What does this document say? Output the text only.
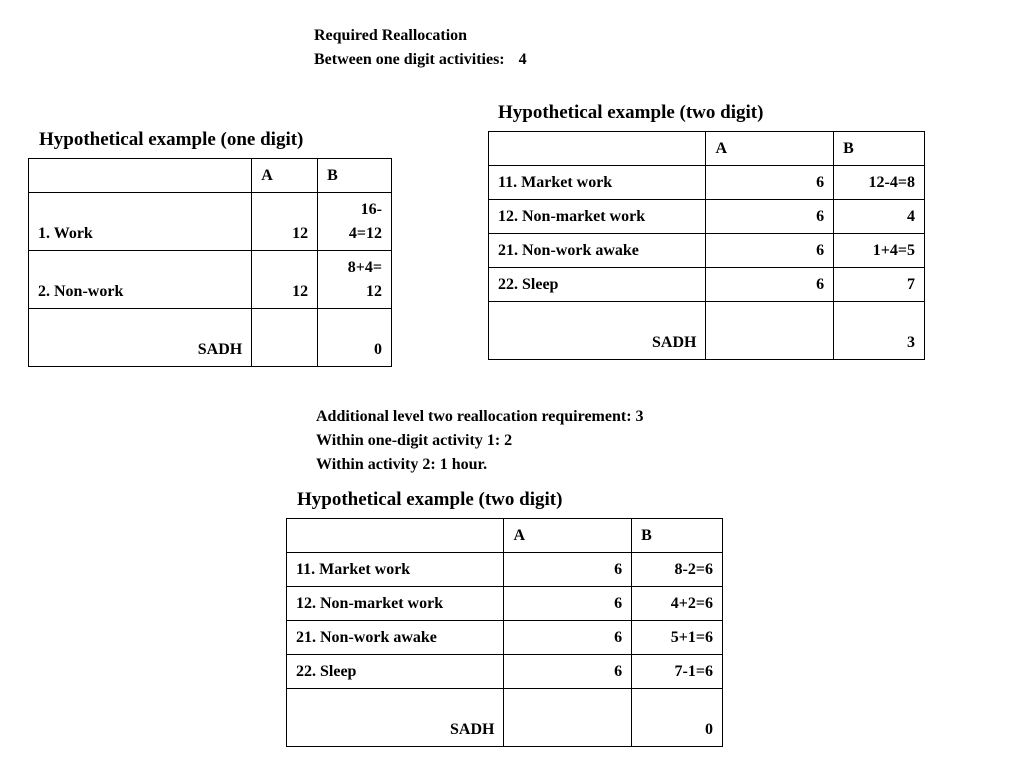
Required Reallocation
Between one digit activities: 4
Hypothetical example (one digit)
	A	B

1. Work	12	16-
4=12

2. Non-work	12	8+4=
12

SADH		0
Hypothetical example (two digit)
	A	B
11. Market work	6	12-4=8
12. Non-market work	6	4
21. Non-work awake	6	1+4=5
22. Sleep	6	7

SADH		3
Additional level two reallocation requirement: 3
Within one-digit activity 1: 2
Within activity 2: 1 hour.
Hypothetical example (two digit)
	A	B
11. Market work	6	8-2=6
12. Non-market work	6	4+2=6
21. Non-work awake	6	5+1=6
22. Sleep	6	7-1=6

SADH		0
